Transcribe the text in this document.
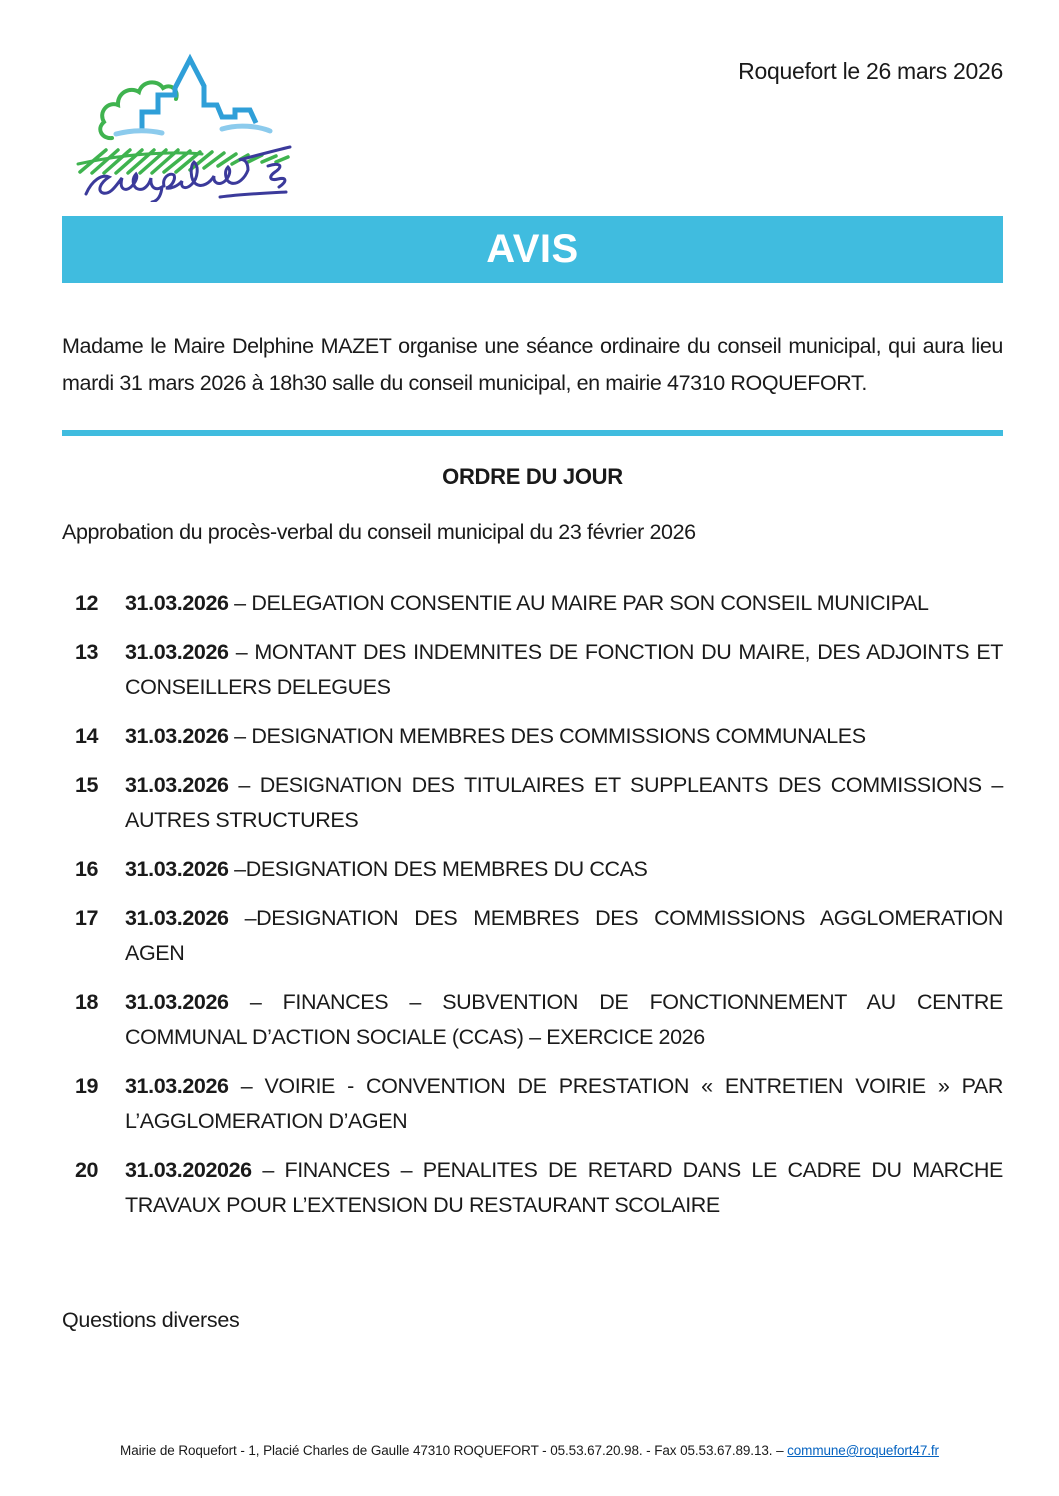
Roquefort le 26 mars 2026
AVIS

Madame le Maire Delphine MAZET organise une séance ordinaire du conseil municipal, qui aura lieu mardi 31 mars 2026 à 18h30 salle du conseil municipal, en mairie 47310 ROQUEFORT.

ORDRE DU JOUR
Approbation du procès-verbal du conseil municipal du 23 février 2026
12 31.03.2026 – DELEGATION CONSENTIE AU MAIRE PAR SON CONSEIL MUNICIPAL
13 31.03.2026 – MONTANT DES INDEMNITES DE FONCTION DU MAIRE, DES ADJOINTS ET CONSEILLERS DELEGUES
14 31.03.2026 – DESIGNATION MEMBRES DES COMMISSIONS COMMUNALES
15 31.03.2026 – DESIGNATION DES TITULAIRES ET SUPPLEANTS DES COMMISSIONS – AUTRES STRUCTURES
16 31.03.2026 –DESIGNATION DES MEMBRES DU CCAS
17 31.03.2026 –DESIGNATION DES MEMBRES DES COMMISSIONS AGGLOMERATION AGEN
18 31.03.2026 – FINANCES – SUBVENTION DE FONCTIONNEMENT AU CENTRE COMMUNAL D’ACTION SOCIALE (CCAS) – EXERCICE 2026
19 31.03.2026 – VOIRIE - CONVENTION DE PRESTATION « ENTRETIEN VOIRIE » PAR L’AGGLOMERATION D’AGEN
20 31.03.202026 – FINANCES – PENALITES DE RETARD DANS LE CADRE DU MARCHE TRAVAUX POUR L’EXTENSION DU RESTAURANT SCOLAIRE
Questions diverses
Mairie de Roquefort - 1, Placié Charles de Gaulle 47310 ROQUEFORT - 05.53.67.20.98. - Fax 05.53.67.89.13. – commune@roquefort47.fr
